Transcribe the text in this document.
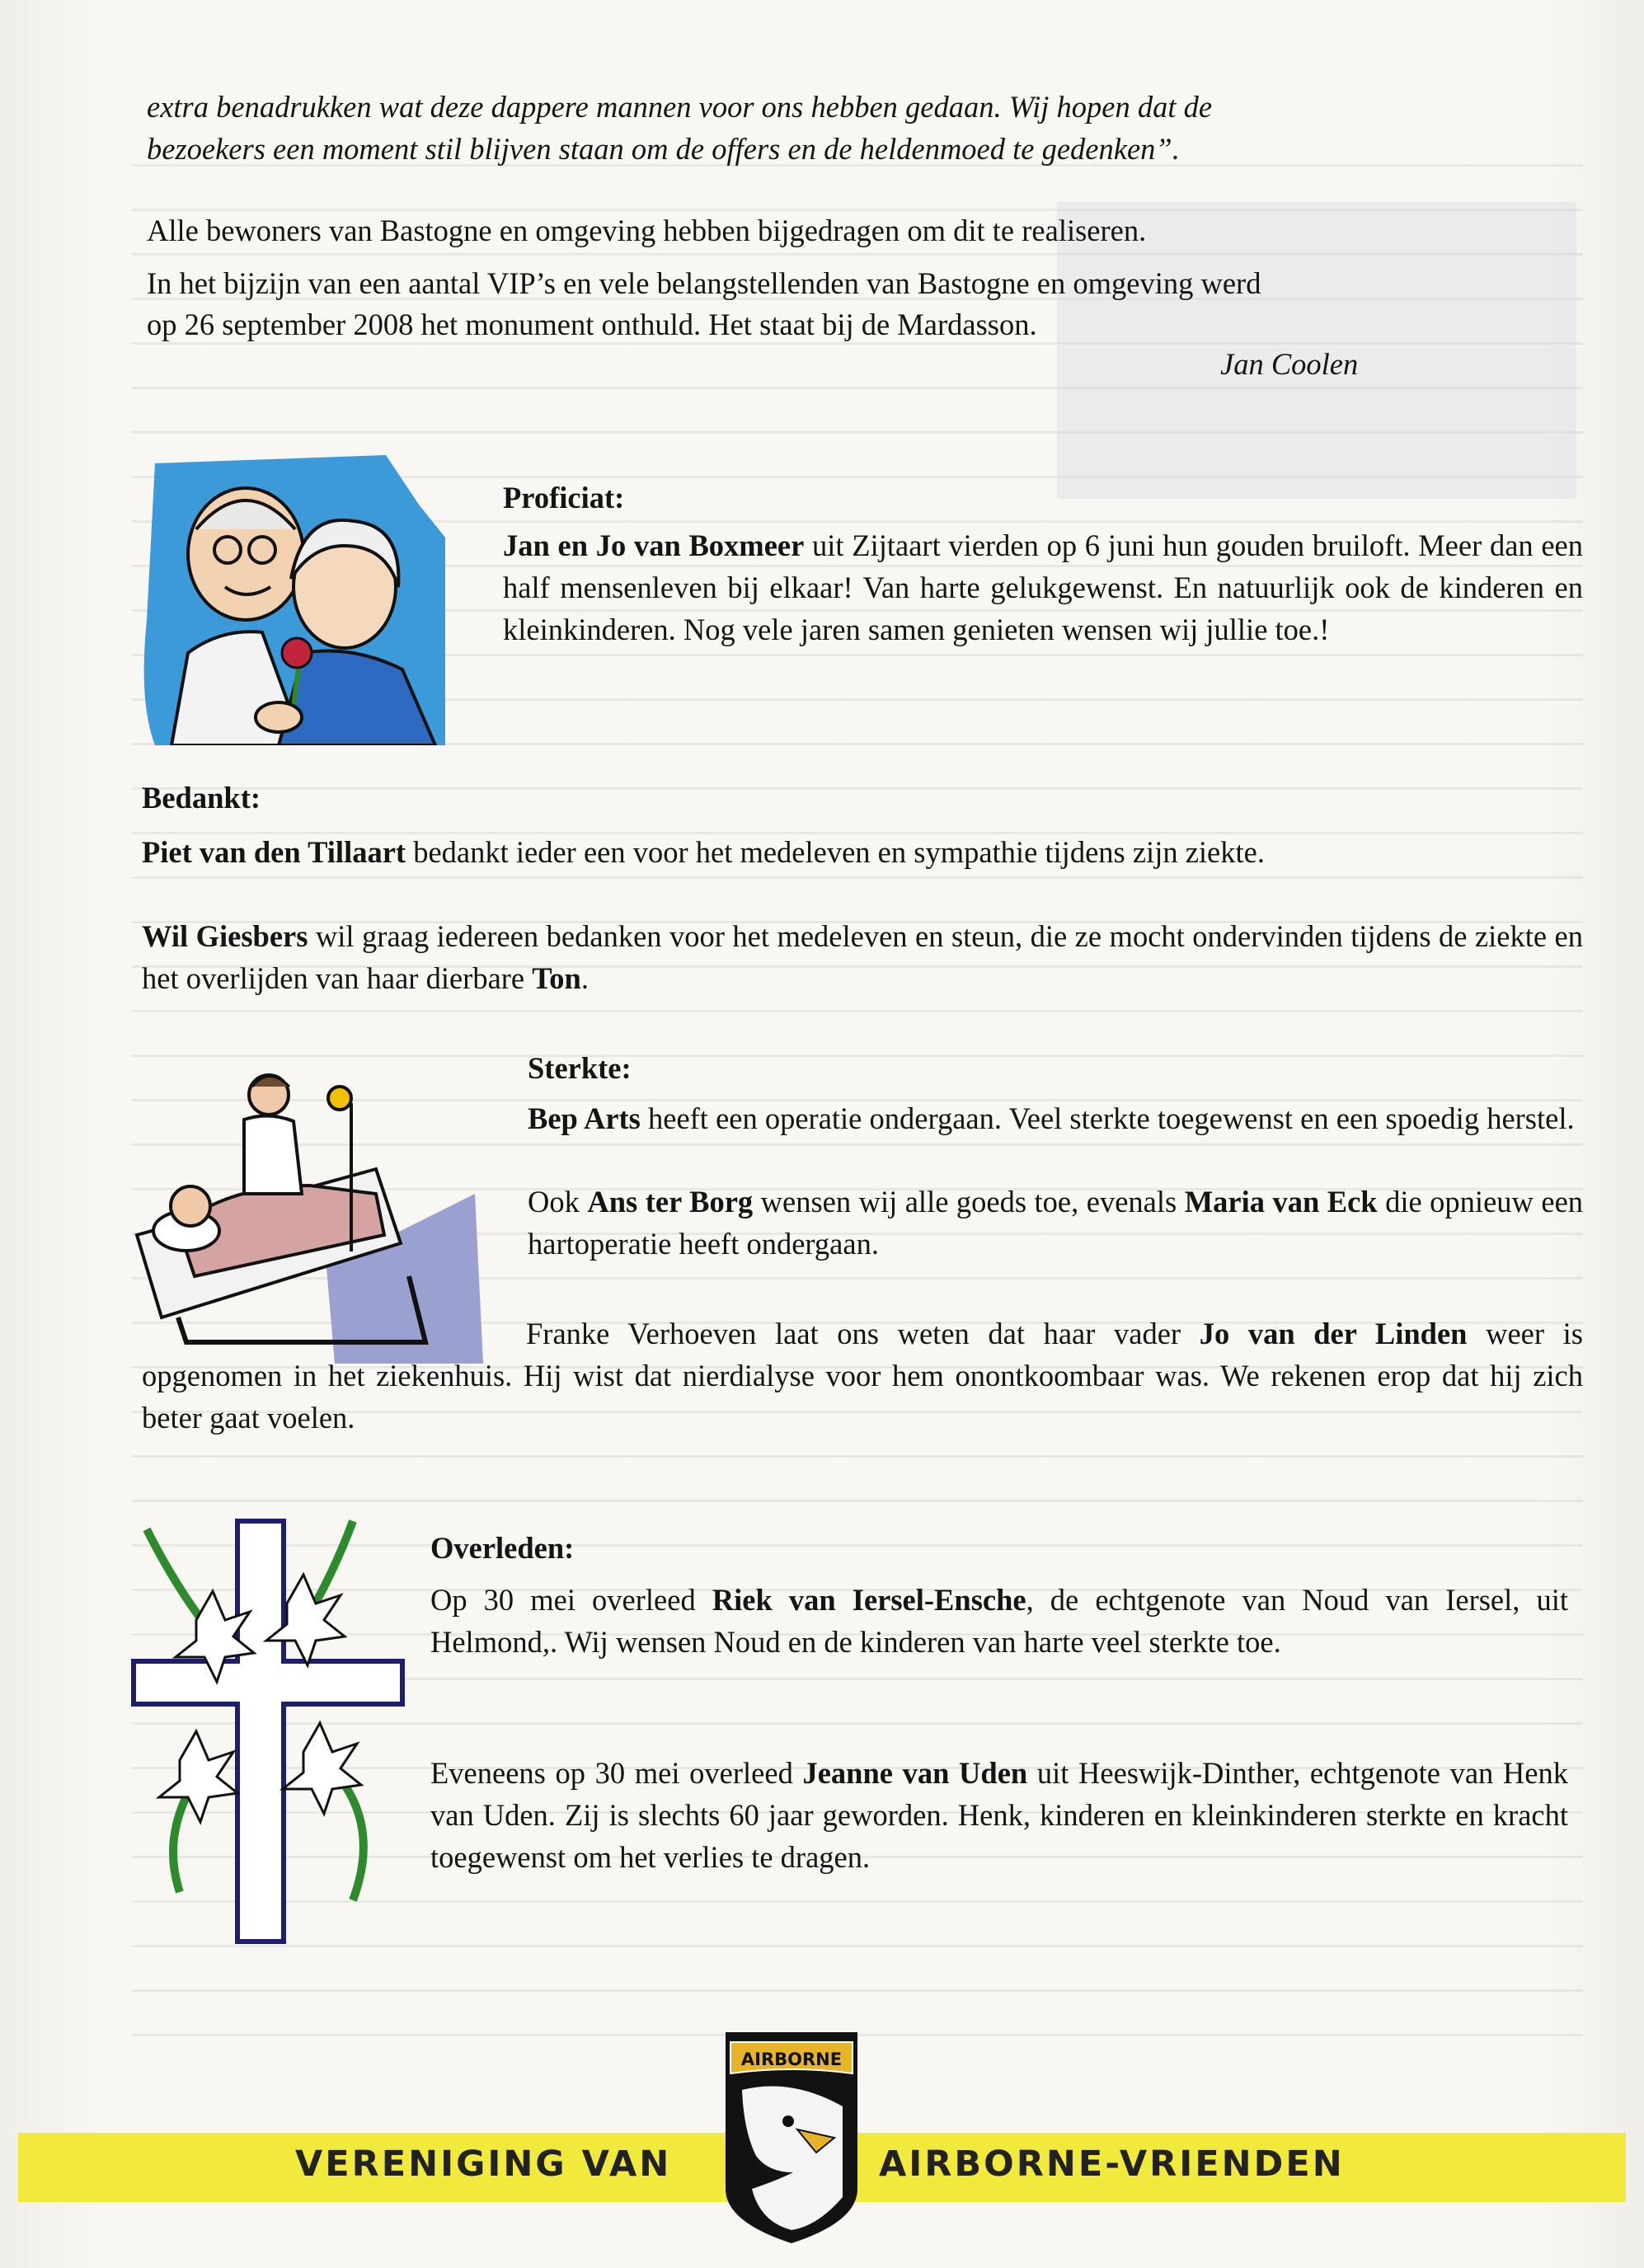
extra benadrukken wat deze dappere mannen voor ons hebben gedaan. Wij hopen dat de

bezoekers een moment stil blijven staan om de offers en de heldenmoed te gedenken”.

Alle bewoners van Bastogne en omgeving hebben bijgedragen om dit te realiseren.

In het bijzijn van een aantal VIP’s en vele belangstellenden van Bastogne en omgeving werd

op 26 september 2008 het monument onthuld. Het staat bij de Mardasson.

Jan Coolen

Proficiat:

Jan en Jo van Boxmeer uit Zijtaart vierden op 6 juni hun gouden bruiloft. Meer dan een half mensenleven bij elkaar! Van harte gelukgewenst. En natuurlijk ook de kinderen en kleinkinderen. Nog vele jaren samen genieten wensen wij jullie toe.!

Bedankt:

Piet van den Tillaart bedankt ieder een voor het medeleven en sympathie tijdens zijn ziekte.

Wil Giesbers wil graag iedereen bedanken voor het medeleven en steun, die ze mocht ondervinden tijdens de ziekte en het overlijden van haar dierbare Ton.

Sterkte:

Bep Arts heeft een operatie ondergaan. Veel sterkte toegewenst en een spoedig herstel.

Ook Ans ter Borg wensen wij alle goeds toe, evenals Maria van Eck die opnieuw een hartoperatie heeft ondergaan.

Franke Verhoeven laat ons weten dat haar vader Jo van der Linden weer is opgenomen in het ziekenhuis. Hij wist dat nierdialyse voor hem onontkoombaar was. We rekenen erop dat hij zich beter gaat voelen.

Overleden:

Op 30 mei overleed Riek van Iersel-Ensche, de echtgenote van Noud van Iersel, uit Helmond,. Wij wensen Noud en de kinderen van harte veel sterkte toe.

Eveneens op 30 mei overleed Jeanne van Uden uit Heeswijk-Dinther, echtgenote van Henk van Uden. Zij is slechts 60 jaar geworden. Henk, kinderen en kleinkinderen sterkte en kracht toegewenst om het verlies te dragen.

VERENIGING VAN	AIRBORNE-VRIENDEN
AIRBORNE
